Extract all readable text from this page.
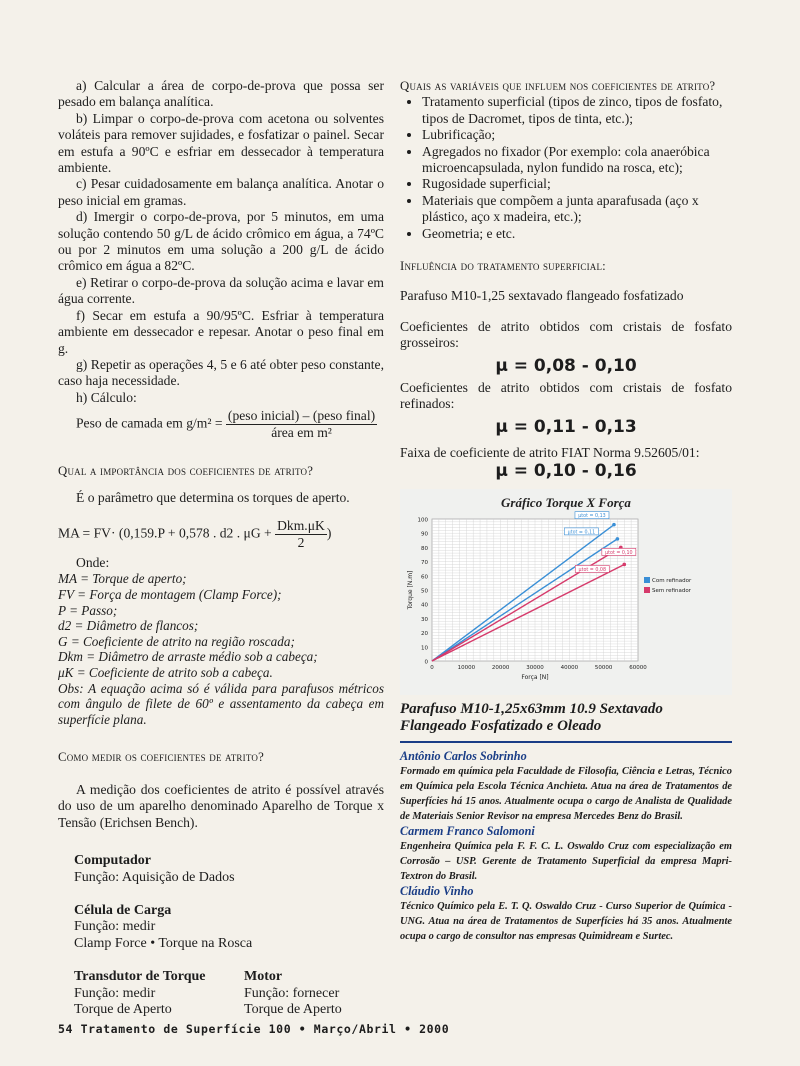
a) Calcular a área de corpo-de-prova que possa ser pesado em balança analítica.

b) Limpar o corpo-de-prova com acetona ou solventes voláteis para remover sujidades, e fosfatizar o painel. Secar em estufa a 90ºC e esfriar em dessecador à temperatura ambiente.

c) Pesar cuidadosamente em balança analítica. Anotar o peso inicial em gramas.

d) Imergir o corpo-de-prova, por 5 minutos, em uma solução contendo 50 g/L de ácido crômico em água, a 74ºC ou por 2 minutos em uma solução a 200 g/L de ácido crômico em água a 82ºC.

e) Retirar o corpo-de-prova da solução acima e lavar em água corrente.

f) Secar em estufa a 90/95ºC. Esfriar à temperatura ambiente em dessecador e repesar. Anotar o peso final em g.

g) Repetir as operações 4, 5 e 6 até obter peso constante, caso haja necessidade.

h) Cálculo:

Peso de camada em $g/m^2 = \frac{\text{(peso inicial) – (peso final)}}{\text{área em m²}}$

Qual a importância dos coeficientes de atrito?

É o parâmetro que determina os torques de aperto.

MA = FV· (0,159.P + 0,578 . d2 . $\mu G + \frac{\text{Dkm.μK}}{2}$ )

Onde:

MA = Torque de aperto;

FV = Força de montagem (Clamp Force);

P = Passo;

d2 = Diâmetro de flancos;

G = Coeficiente de atrito na região roscada;

Dkm = Diâmetro de arraste médio sob a cabeça;

μK = Coeficiente de atrito sob a cabeça.

Obs: A equação acima só é válida para parafusos métricos com ângulo de filete de 60º e assentamento da cabeça em superfície plana.

Como medir os coeficientes de atrito?

A medição dos coeficientes de atrito é possível através do uso de um aparelho denominado Aparelho de Torque x Tensão (Erichsen Bench).

Computador
Função: Aquisição de Dados
Célula de Carga
Função: medir
Clamp Force • Torque na Rosca
Transdutor de Torque
Função: medir
Torque de Aperto
Motor
Função: fornecer
Torque de Aperto

Quais as variáveis que influem nos coeficientes de atrito?

• Tratamento superficial (tipos de zinco, tipos de fosfato, tipos de Dacromet, tipos de tinta, etc.);
• Lubrificação;
• Agregados no fixador (Por exemplo: cola anaeróbica microencapsulada, nylon fundido na rosca, etc);
• Rugosidade superficial;
• Materiais que compõem a junta aparafusada (aço x plástico, aço x madeira, etc.);
• Geometria; e etc.

Influência do tratamento superficial:

Parafuso M10-1,25 sextavado flangeado fosfatizado

Coeficientes de atrito obtidos com cristais de fosfato grosseiros:

μ = 0,08 - 0,10

Coeficientes de atrito obtidos com cristais de fosfato refinados:

μ = 0,11 - 0,13

Faixa de coeficiente de atrito FIAT Norma 9.52605/01:

μ = 0,10 - 0,16
Gráfico Torque X Força
0
10
20
30
40
50
60
70
80
90
100
0	10000	20000	30000	40000	50000	60000
Força [N]
Torque [N.m]
μtot = 0,13
μtot = 0,11
μtot = 0,10
μtot = 0,08
Com refinador
Sem refinador
Parafuso M10-1,25x63mm 10.9 Sextavado Flangeado Fosfatizado e Oleado
Antônio Carlos Sobrinho
Formado em química pela Faculdade de Filosofia, Ciência e Letras, Técnico em Química pela Escola Técnica Anchieta. Atua na área de Tratamentos de Superfícies há 15 anos. Atualmente ocupa o cargo de Analista de Qualidade de Materiais Senior Revisor na empresa Mercedes Benz do Brasil.
Carmem Franco Salomoni
Engenheira Química pela F. F. C. L. Oswaldo Cruz com especialização em Corrosão – USP. Gerente de Tratamento Superficial da empresa Mapri-Textron do Brasil.
Cláudio Vinho
Técnico Químico pela E. T. Q. Oswaldo Cruz - Curso Superior de Química - UNG. Atua na área de Tratamentos de Superfícies há 35 anos. Atualmente ocupa o cargo de consultor nas empresas Quimidream e Surtec.
54 Tratamento de Superfície 100 • Março/Abril • 2000
